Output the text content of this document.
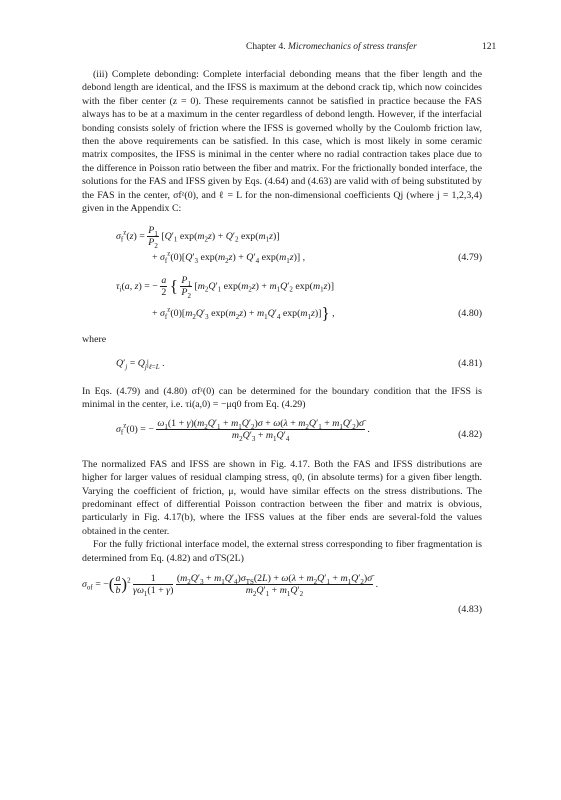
Chapter 4. Micromechanics of stress transfer	121

(iii) Complete debonding: Complete interfacial debonding means that the fiber length and the debond length are identical, and the IFSS is maximum at the debond crack tip, which now coincides with the fiber center (z = 0). These requirements cannot be satisfied in practice because the FAS always has to be at a maximum in the center regardless of debond length. However, if the interfacial bonding consists solely of friction where the IFSS is governed wholly by the Coulomb friction law, then the above requirements can be satisfied. In this case, which is most likely in some ceramic matrix composites, the IFSS is minimal in the center where no radial contraction takes place due to the difference in Poisson ratio between the fiber and matrix. For the frictionally bonded interface, the solutions for the FAS and IFSS given by Eqs. (4.64) and (4.63) are valid with σf being substituted by the FAS in the center, σfᶻ(0), and ℓ = L for the non-dimensional coefficients Qj (where j = 1,2,3,4) given in the Appendix C:

$\sigma_f^z(z) = \frac{P_1}{P_2} [Q'_1$ $\exp(m_2z) + Q'_2$ $\exp(m_1z)$]
+ $\sigma_f^z(0)[Q'_3$ $\exp(m_2z) + Q'_4$ $\exp(m_1z)$] ,	(4.79)
$\tau_i(a$, z) = − $\frac{a}{2}$ { $\frac{P_1}{P_2} [m_2Q'_1$ $\exp(m_2z) + m_1Q'_2$ $\exp(m_1z)$]
+ $\sigma_f^z(0)[m_2Q'_3$ $\exp(m_2z) + m_1Q'_4$ $\exp(m_1z)$]} ,	(4.80)

where

$Q'_j = Q_j|_{\ell=L}$ .	(4.81)

In Eqs. (4.79) and (4.80) σfᶻ(0) can be determined for the boundary condition that the IFSS is minimal in the center, i.e. τi(a,0) = −μq0 from Eq. (4.29)

$\sigma_f^z(0)$ = − $\frac{\omega_1(1 + \gamma)(m_2Q'_1 + m_1Q'_2)\sigma + \omega(\lambda + m_2Q'_1 + m_1Q'_2)\sigmā}{m_2Q'_3 + m_1Q'_4}$ .	(4.82)

The normalized FAS and IFSS are shown in Fig. 4.17. Both the FAS and IFSS distributions are higher for larger values of residual clamping stress, q0, (in absolute terms) for a given fiber length. Varying the coefficient of friction, μ, would have similar effects on the stress distributions. The predominant effect of differential Poisson contraction between the fiber and matrix is obvious, particularly in Fig. 4.17(b), where the IFSS values at the fiber ends are several-fold the values obtained in the center.

For the fully frictional interface model, the external stress corresponding to fiber fragmentation is determined from Eq. (4.82) and σTS(2L)

$\sigma_{of}$ = −( $\frac{a}{b} )^2 \frac{1}{\gamma\omega_1(1 + \gamma)}$
$\frac{(m_2Q'_3 + m_1Q'_4)\sigma_{TS}(2L) + \omega(\lambda + m_2Q'_1 + m_1Q'_2)\sigmā}{m_2Q'_1 + m_1Q'_2}$ .
(4.83)
